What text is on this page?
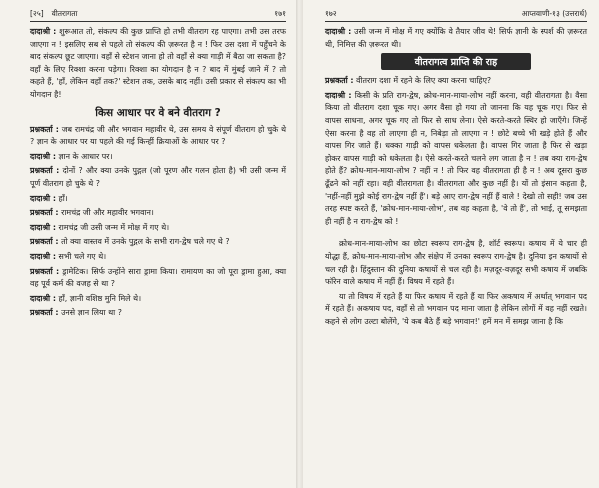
[२५]	वीतरागता	१७१

दादाश्री : शुरूआत तो, संकल्प की कुछ प्राप्ति हो तभी वीतराग रह पाएगा। तभी उस तरफ जाएगा न ! इसलिए सब से पहले तो संकल्प की ज़रूरत है न ! फिर उस दशा में पहुँचने के बाद संकल्प छूट जाएगा। वहाँ से स्टेशन जाना हो तो वहाँ से क्या गाड़ी में बैठा जा सकता है? वहाँ के लिए रिक्शा करना पड़ेगा। रिक्शा का योगदान है न ? बाद में मुंबई जाने में ? तो कहते हैं, 'हाँ, लेकिन वहाँ तक?' स्टेशन तक, उसके बाद नहीं। उसी प्रकार से संकल्प का भी योगदान है!

किस आधार पर वे बने वीतराग ?

प्रश्नकर्ता : जब रामचंद्र जी और भगवान महावीर थे, उस समय वे संपूर्ण वीतराग हो चुके थे ? ज्ञान के आधार पर या पहले की गई किन्हीं क्रियाओं के आधार पर ?

दादाश्री : ज्ञान के आधार पर।

प्रश्नकर्ता : दोनों ? और क्या उनके पुद्गल (जो पूरण और गलन होता है) भी उसी जन्म में पूर्ण वीतराग हो चुके थे ?

दादाश्री : हाँ।

प्रश्नकर्ता : रामचंद्र जी और महावीर भगवान।

दादाश्री : रामचंद्र जी उसी जन्म में मोक्ष में गए थे।

प्रश्नकर्ता : तो क्या वास्तव में उनके पुद्गल के सभी राग-द्वेष चले गए थे ?

दादाश्री : सभी चले गए थे।

प्रश्नकर्ता : ड्रामेटिक। सिर्फ उन्होंने सारा ड्रामा किया। रामायण का जो पूरा ड्रामा हुआ, क्या वह पूर्व कर्म की वजह से था ?

दादाश्री : हाँ, ज्ञानी वशिष्ठ मुनि मिले थे।

प्रश्नकर्ता : उनसे ज्ञान लिया था ?

१७२	आप्तवाणी-१३ (उत्तरार्ध)

दादाश्री : उसी जन्म में मोक्ष में गए क्योंकि वे तैयार जीव थे! सिर्फ ज्ञानी के स्पर्श की ज़रूरत थी, निमित्त की ज़रूरत थी।

वीतरागत्व प्राप्ति की राह

प्रश्नकर्ता : वीतराग दशा में रहने के लिए क्या करना चाहिए?

दादाश्री : किसी के प्रति राग-द्वेष, क्रोध-मान-माया-लोभ नहीं करना, वही वीतरागता है। वैसा किया तो वीतराग दशा चूक गए। अगर वैसा हो गया तो जानना कि यह चूक गए। फिर से वापस साधना, अगर चूक गए तो फिर से साध लेना। ऐसे करते-करते स्थिर हो जाएँगे। जिन्हें ऐसा करना है वह तो लाएगा ही न, निबेड़ा तो लाएगा न ! छोटे बच्चे भी खड़े होते हैं और वापस गिर जाते हैं। धक्का गाड़ी को वापस धकेलता है। वापस गिर जाता है फिर से खड़ा होकर वापस गाड़ी को धकेलता है। ऐसे करते-करते चलने लग जाता है न ! तब क्या राग-द्वेष होते हैं? क्रोध-मान-माया-लोभ ? नहीं न ! तो फिर वह वीतरागता ही है न ! अब दूसरा कुछ ढूँढने को नहीं रहा। वही वीतरागता है। वीतरागता और कुछ नहीं है। यों तो इंसान कहता है, 'नहीं-नहीं मुझे कोई राग-द्वेष नहीं हैं'। बड़े आए राग-द्वेष नहीं हैं वाले ! देखो तो सही! जब उस तरह स्पष्ट करते हैं, 'क्रोध-मान-माया-लोभ', तब वह कहता है, 'वे तो हैं', तो भाई, तू समझता ही नहीं है न राग-द्वेष को !

क्रोध-मान-माया-लोभ का छोटा स्वरूप राग-द्वेष है, शॉर्ट स्वरूप। कषाय में ये चार ही योद्धा हैं, क्रोध-मान-माया-लोभ और संक्षेप में उनका स्वरूप राग-द्वेष है। दुनिया इन कषायों से चल रही है। हिंदुस्तान की दुनिया कषायों से चल रही है। मज़दूर-वज़दूर सभी कषाय में जबकि फॉरेन वाले कषाय में नहीं हैं। विषय में रहते हैं।

या तो विषय में रहते हैं या फिर कषाय में रहते हैं या फिर अकषाय में अर्थात् भगवान पद में रहते हैं। अकषाय पद, वहाँ से तो भगवान पद माना जाता है लेकिन लोगों में वह नहीं रखते। कहने से लोग उल्टा बोलेंगे, 'ये कब बैठे हैं बड़े भगवान!' हमें मन में समझ जाना है कि
